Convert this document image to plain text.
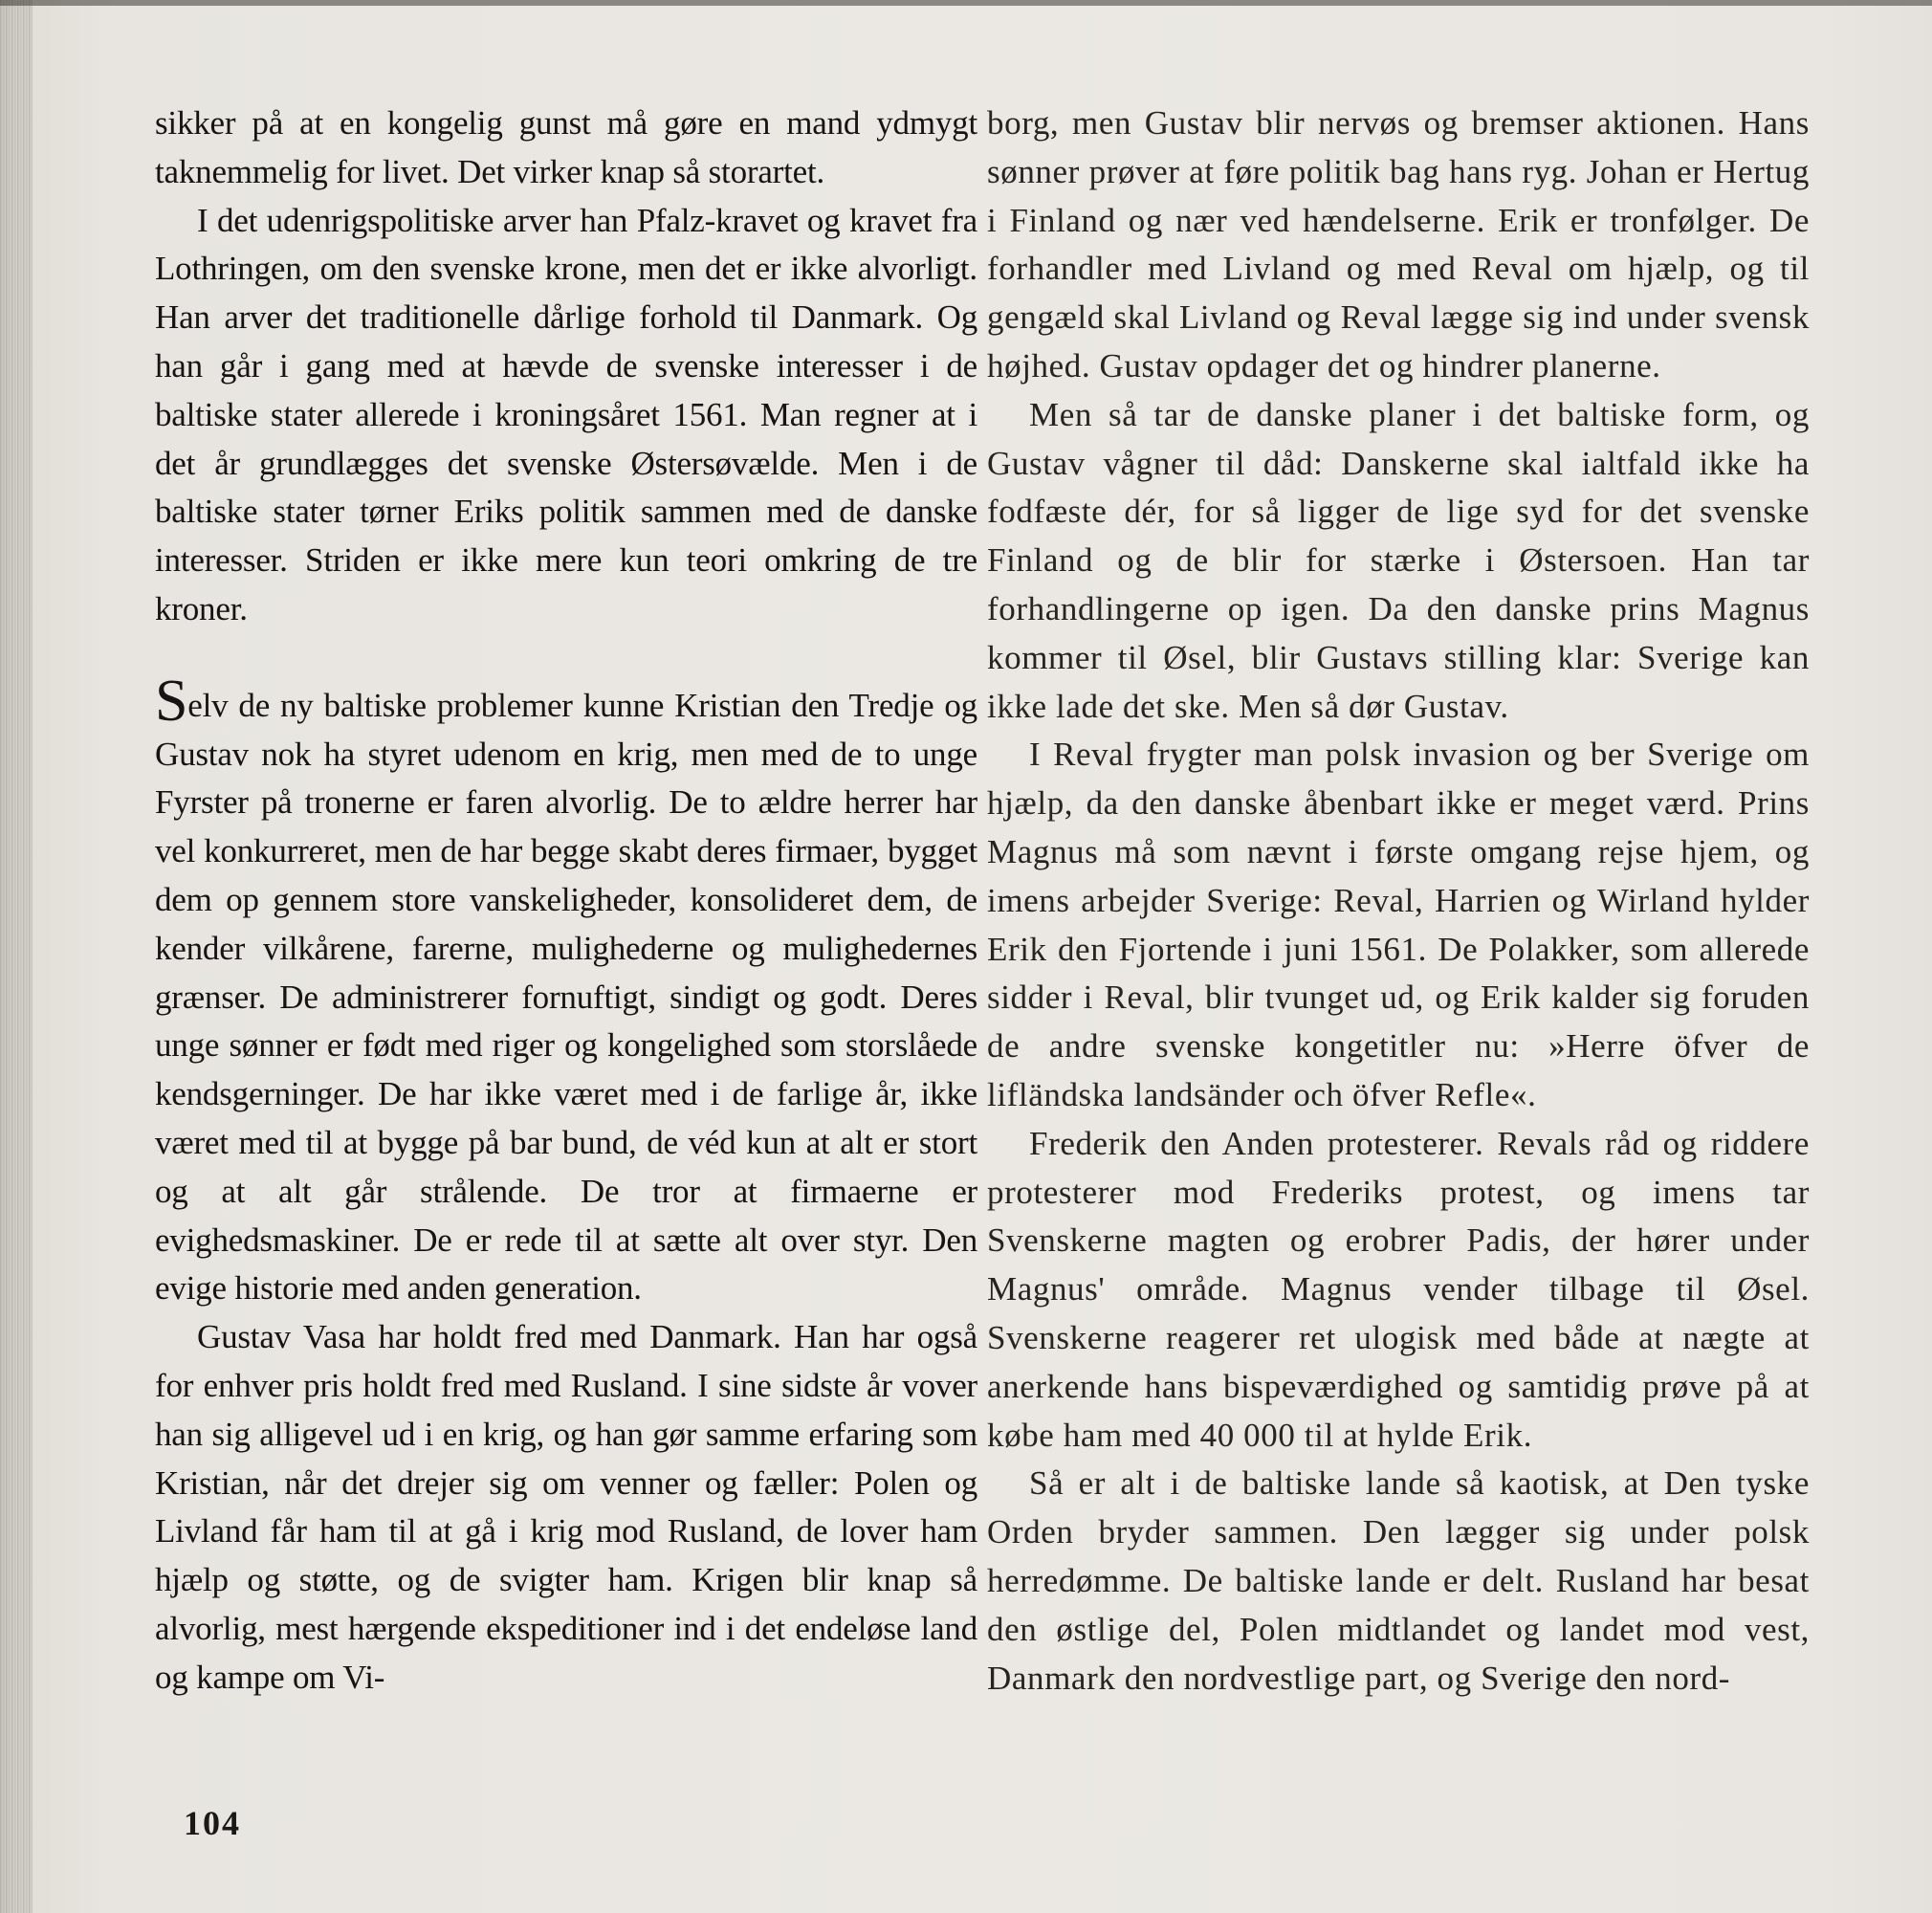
sikker på at en kongelig gunst må gøre en mand ydmygt taknemmelig for livet. Det virker knap så storartet.

I det udenrigspolitiske arver han Pfalz-kravet og kravet fra Lothringen, om den svenske krone, men det er ikke alvorligt. Han arver det traditionelle dårlige forhold til Danmark. Og han går i gang med at hævde de svenske interesser i de baltiske stater allerede i kroningsåret 1561. Man regner at i det år grundlægges det svenske Østersøvælde. Men i de baltiske stater tørner Eriks politik sammen med de danske interesser. Striden er ikke mere kun teori omkring de tre kroner.

Selv de ny baltiske problemer kunne Kristian den Tredje og Gustav nok ha styret udenom en krig, men med de to unge Fyrster på tronerne er faren alvorlig. De to ældre herrer har vel konkurreret, men de har begge skabt deres firmaer, bygget dem op gennem store vanskeligheder, konsolideret dem, de kender vilkårene, farerne, mulighederne og mulighedernes grænser. De administrerer fornuftigt, sindigt og godt. Deres unge sønner er født med riger og kongelighed som storslåede kendsgerninger. De har ikke været med i de farlige år, ikke været med til at bygge på bar bund, de véd kun at alt er stort og at alt går strålende. De tror at firmaerne er evighedsmaskiner. De er rede til at sætte alt over styr. Den evige historie med anden generation.

Gustav Vasa har holdt fred med Danmark. Han har også for enhver pris holdt fred med Rusland. I sine sidste år vover han sig alligevel ud i en krig, og han gør samme erfaring som Kristian, når det drejer sig om venner og fæller: Polen og Livland får ham til at gå i krig mod Rusland, de lover ham hjælp og støtte, og de svigter ham. Krigen blir knap så alvorlig, mest hærgende ekspeditioner ind i det endeløse land og kampe om Vi-

borg, men Gustav blir nervøs og bremser aktionen. Hans sønner prøver at føre politik bag hans ryg. Johan er Hertug i Finland og nær ved hændelserne. Erik er tronfølger. De forhandler med Livland og med Reval om hjælp, og til gengæld skal Livland og Reval lægge sig ind under svensk højhed. Gustav opdager det og hindrer planerne.

Men så tar de danske planer i det baltiske form, og Gustav vågner til dåd: Danskerne skal ialtfald ikke ha fodfæste dér, for så ligger de lige syd for det svenske Finland og de blir for stærke i Østersoen. Han tar forhandlingerne op igen. Da den danske prins Magnus kommer til Øsel, blir Gustavs stilling klar: Sverige kan ikke lade det ske. Men så dør Gustav.

I Reval frygter man polsk invasion og ber Sverige om hjælp, da den danske åbenbart ikke er meget værd. Prins Magnus må som nævnt i første omgang rejse hjem, og imens arbejder Sverige: Reval, Harrien og Wirland hylder Erik den Fjortende i juni 1561. De Polakker, som allerede sidder i Reval, blir tvunget ud, og Erik kalder sig foruden de andre svenske kongetitler nu: »Herre öfver de lifländska landsänder och öfver Refle«.

Frederik den Anden protesterer. Revals råd og riddere protesterer mod Frederiks protest, og imens tar Svenskerne magten og erobrer Padis, der hører under Magnus' område. Magnus vender tilbage til Øsel. Svenskerne reagerer ret ulogisk med både at nægte at anerkende hans bispeværdighed og samtidig prøve på at købe ham med 40 000 til at hylde Erik.

Så er alt i de baltiske lande så kaotisk, at Den tyske Orden bryder sammen. Den lægger sig under polsk herredømme. De baltiske lande er delt. Rusland har besat den østlige del, Polen midtlandet og landet mod vest, Danmark den nordvestlige part, og Sverige den nord-

104
